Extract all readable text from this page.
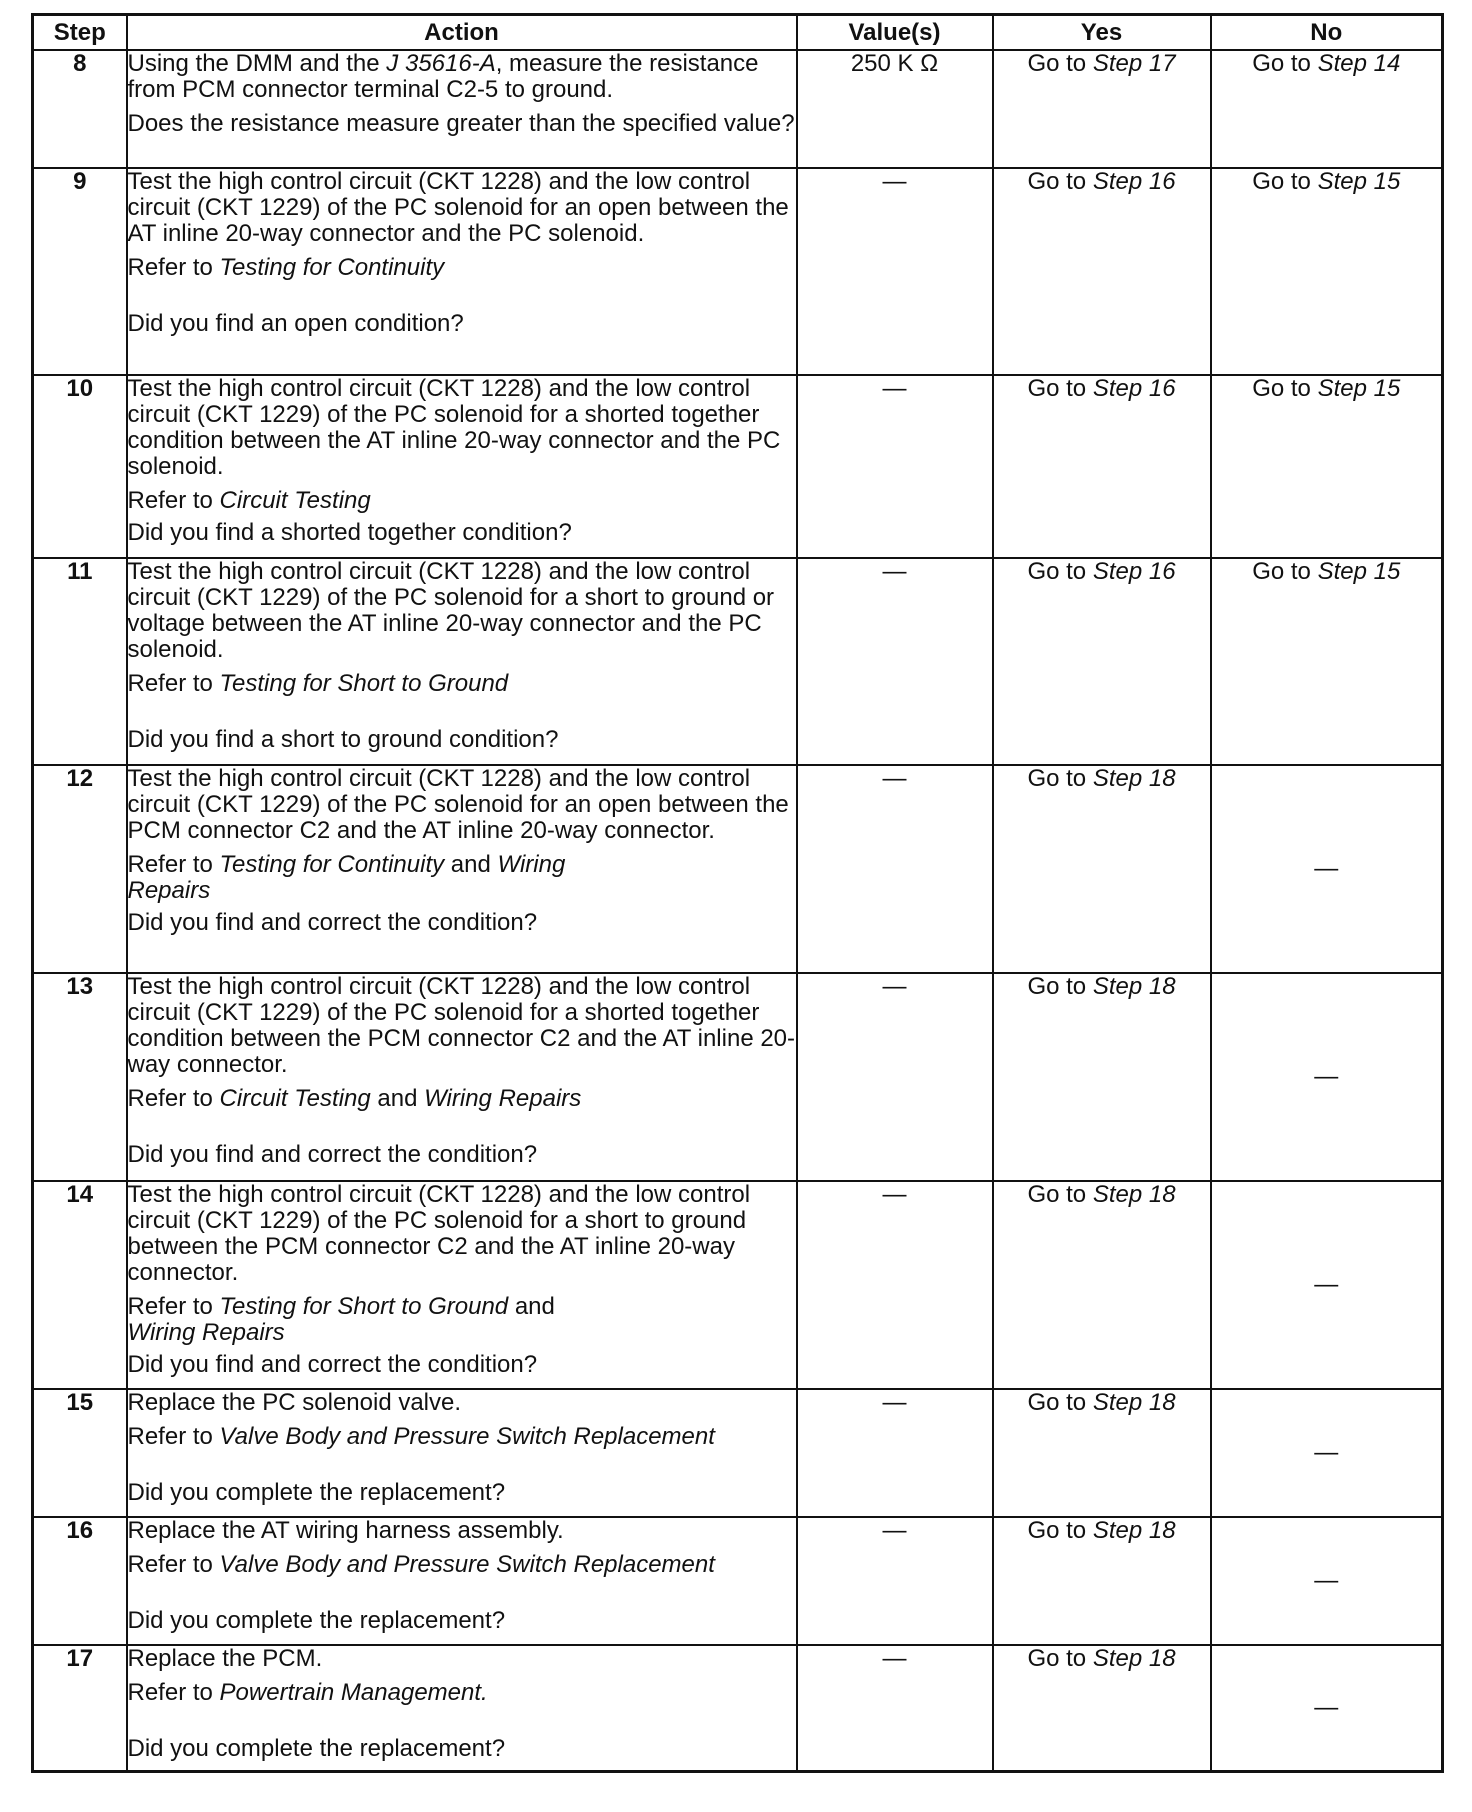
Step	Action	Value(s)	Yes	No
8	Using the DMM and the J 35616-A, measure the resistance from PCM connector terminal C2-5 to ground.

Does the resistance measure greater than the specified value?	250 K Ω	Go to Step 17	Go to Step 14
9	Test the high control circuit (CKT 1228) and the low control circuit (CKT 1229) of the PC solenoid for an open between the AT inline 20-way connector and the PC solenoid.

Refer to Testing for Continuity

Did you find an open condition?	—	Go to Step 16	Go to Step 15
10	Test the high control circuit (CKT 1228) and the low control circuit (CKT 1229) of the PC solenoid for a shorted together condition between the AT inline 20-way connector and the PC solenoid.

Refer to Circuit Testing

Did you find a shorted together condition?	—	Go to Step 16	Go to Step 15
11	Test the high control circuit (CKT 1228) and the low control circuit (CKT 1229) of the PC solenoid for a short to ground or voltage between the AT inline 20-way connector and the PC solenoid.

Refer to Testing for Short to Ground

Did you find a short to ground condition?	—	Go to Step 16	Go to Step 15
12	Test the high control circuit (CKT 1228) and the low control circuit (CKT 1229) of the PC solenoid for an open between the PCM connector C2 and the AT inline 20-way connector.

Refer to Testing for Continuity and Wiring Repairs

Did you find and correct the condition?	—	Go to Step 18	—
13	Test the high control circuit (CKT 1228) and the low control circuit (CKT 1229) of the PC solenoid for a shorted together condition between the PCM connector C2 and the AT inline 20-way connector.

Refer to Circuit Testing and Wiring Repairs

Did you find and correct the condition?	—	Go to Step 18	—
14	Test the high control circuit (CKT 1228) and the low control circuit (CKT 1229) of the PC solenoid for a short to ground between the PCM connector C2 and the AT inline 20-way connector.

Refer to Testing for Short to Ground and Wiring Repairs

Did you find and correct the condition?	—	Go to Step 18	—
15	Replace the PC solenoid valve.

Refer to Valve Body and Pressure Switch Replacement

Did you complete the replacement?	—	Go to Step 18	—
16	Replace the AT wiring harness assembly.

Refer to Valve Body and Pressure Switch Replacement

Did you complete the replacement?	—	Go to Step 18	—
17	Replace the PCM.

Refer to Powertrain Management.

Did you complete the replacement?	—	Go to Step 18	—
